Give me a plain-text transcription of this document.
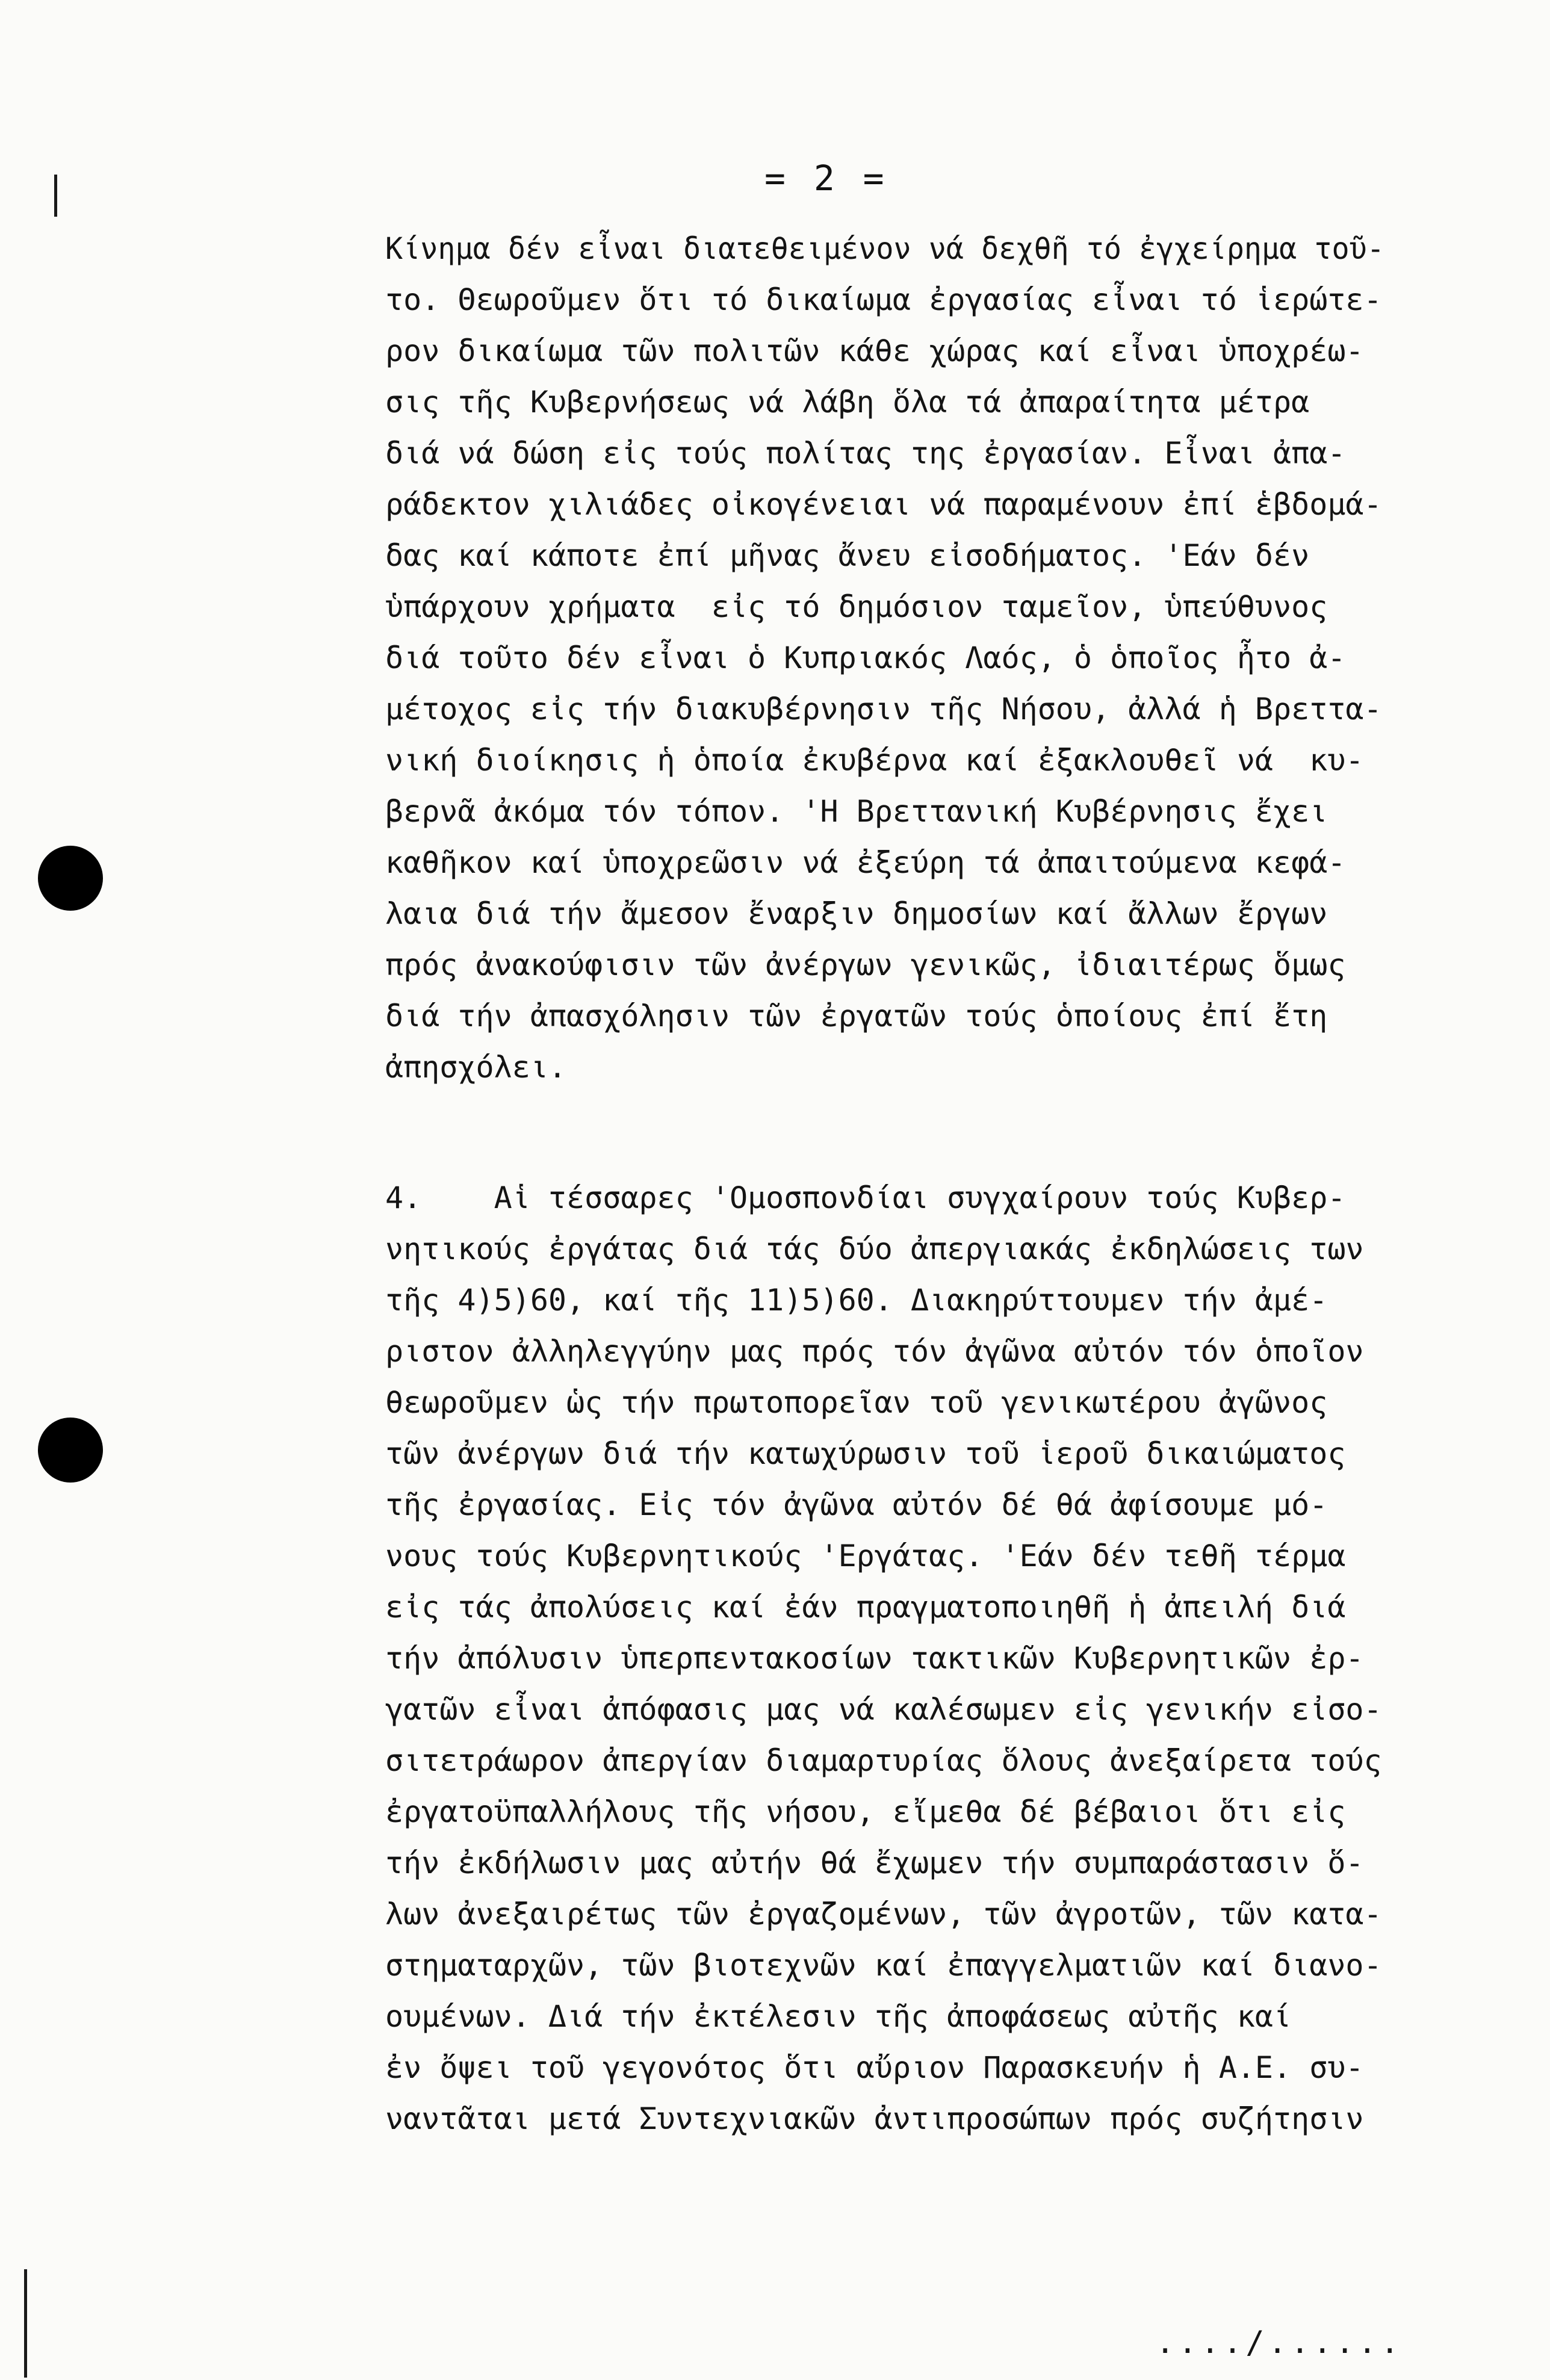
= 2 =
Κίνημα δέν εἶναι διατεθειμένον νά δεχθῆ τό ἐγχείρημα τοῦ-
το. Θεωροῦμεν ὅτι τό δικαίωμα ἐργασίας εἶναι τό ἱερώτε-
ρον δικαίωμα τῶν πολιτῶν κάθε χώρας καί εἶναι ὑποχρέω-
σις τῆς Κυβερνήσεως νά λάβη ὅλα τά ἀπαραίτητα μέτρα
διά νά δώση εἰς τούς πολίτας της ἐργασίαν. Εἶναι ἀπα-
ράδεκτον χιλιάδες οἰκογένειαι νά παραμένουν ἐπί ἑβδομά-
δας καί κάποτε ἐπί μῆνας ἄνευ εἰσοδήματος. 'Εάν δέν
ὑπάρχουν χρήματα  εἰς τό δημόσιον ταμεῖον, ὑπεύθυνος
διά τοῦτο δέν εἶναι ὁ Κυπριακός Λαός, ὁ ὁποῖος ἦτο ἀ-
μέτοχος εἰς τήν διακυβέρνησιν τῆς Νήσου, ἀλλά ἡ Βρεττα-
νική διοίκησις ἡ ὁποία ἐκυβέρνα καί ἐξακλουθεῖ νά  κυ-
βερνᾶ ἀκόμα τόν τόπον. 'Η Βρεττανική Κυβέρνησις ἔχει
καθῆκον καί ὑποχρεῶσιν νά ἐξεύρη τά ἀπαιτούμενα κεφά-
λαια διά τήν ἄμεσον ἔναρξιν δημοσίων καί ἄλλων ἔργων
πρός ἀνακούφισιν τῶν ἀνέργων γενικῶς, ἰδιαιτέρως ὅμως
διά τήν ἀπασχόλησιν τῶν ἐργατῶν τούς ὁποίους ἐπί ἔτη
ἀπησχόλει.
4.    Αἱ τέσσαρες 'Ομοσπονδίαι συγχαίρουν τούς Κυβερ-
νητικούς ἐργάτας διά τάς δύο ἀπεργιακάς ἐκδηλώσεις των
τῆς 4)5)60, καί τῆς 11)5)60. Διακηρύττουμεν τήν ἀμέ-
ριστον ἀλληλεγγύην μας πρός τόν ἀγῶνα αὐτόν τόν ὁποῖον
θεωροῦμεν ὡς τήν πρωτοπορεῖαν τοῦ γενικωτέρου ἀγῶνος
τῶν ἀνέργων διά τήν κατωχύρωσιν τοῦ ἱεροῦ δικαιώματος
τῆς ἐργασίας. Εἰς τόν ἀγῶνα αὐτόν δέ θά ἀφίσουμε μό-
νους τούς Κυβερνητικούς 'Εργάτας. 'Εάν δέν τεθῆ τέρμα
εἰς τάς ἀπολύσεις καί ἐάν πραγματοποιηθῆ ἡ ἀπειλή διά
τήν ἀπόλυσιν ὑπερπεντακοσίων τακτικῶν Κυβερνητικῶν ἐρ-
γατῶν εἶναι ἀπόφασις μας νά καλέσωμεν εἰς γενικήν εἰσο-
σιτετράωρον ἀπεργίαν διαμαρτυρίας ὅλους ἀνεξαίρετα τούς
ἐργατοϋπαλλήλους τῆς νήσου, εἴμεθα δέ βέβαιοι ὅτι εἰς
τήν ἐκδήλωσιν μας αὐτήν θά ἔχωμεν τήν συμπαράστασιν ὅ-
λων ἀνεξαιρέτως τῶν ἐργαζομένων, τῶν ἀγροτῶν, τῶν κατα-
στηματαρχῶν, τῶν βιοτεχνῶν καί ἐπαγγελματιῶν καί διανο-
ουμένων. Διά τήν ἐκτέλεσιν τῆς ἀποφάσεως αὐτῆς καί
ἐν ὄψει τοῦ γεγονότος ὅτι αὔριον Παρασκευήν ἡ Α.Ε. συ-
ναντᾶται μετά Συντεχνιακῶν ἀντιπροσώπων πρός συζήτησιν
..../......
